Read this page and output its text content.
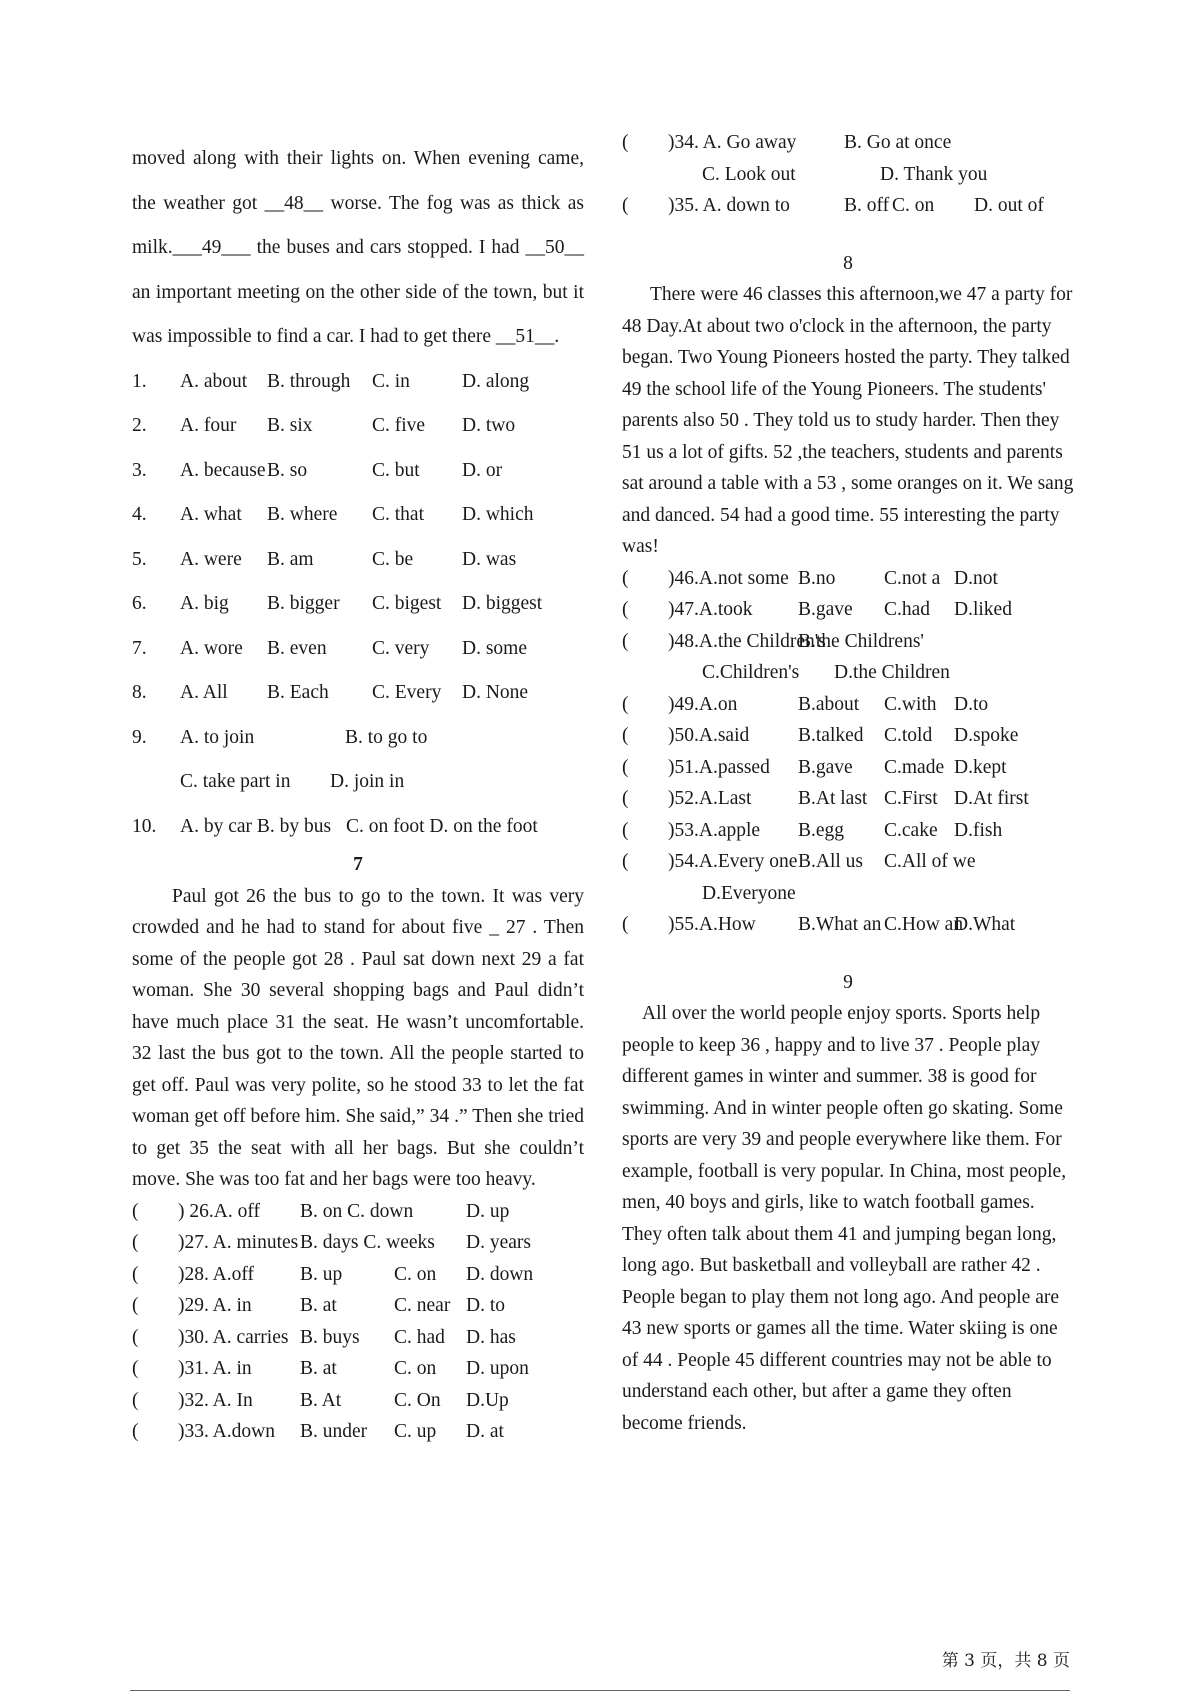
moved along with their lights on. When evening came, the weather got __48__ worse. The fog was as thick as milk.___49___ the buses and cars stopped. I had __50__ an important meeting on the other side of the town, but it was impossible to find a car. I had to get there __51__.

1. A. about B. through C. in	D. along
2. A. four B. six	C. five D. two
3. A. because B. so	C. but D. or
4. A. what B. where C. that D. which
5. A. were B. am	C. be	D. was
6. A. big B. bigger C. bigest D. biggest
7. A. wore B. even C. very D. some
8. A. All B. Each C. Every D. None
9. A. to join	B. to go to
C. take part in D. join in
10. A. by car B. by bus C. on foot D. on the foot
7
Paul got 26 the bus to go to the town. It was very crowded and he had to stand for about five _ 27 . Then some of the people got 28 . Paul sat down next 29 a fat woman. She 30 several shopping bags and Paul didn’t have much place 31 the seat. He wasn’t uncomfortable. 32 last the bus got to the town. All the people started to get off. Paul was very polite, so he stood 33 to let the fat woman get off before him. She said,” 34 .” Then she tried to get 35 the seat with all her bags. But she couldn’t move. She was too fat and her bags were too heavy.
( ) 26.A. off B. on C. down	D. up
( )27. A. minutes B. days C. weeks D. years
( )28. A.off B. up	C. on D. down
( )29. A. in B. at	C. near D. to
( )30. A. carries B. buys C. had D. has
( )31. A. in B. at	C. on D. upon
( )32. A. In B. At	C. On D.Up
( )33. A.down B. under C. up D. at
( )34. A. Go away B. Go at once
C. Look out	D. Thank you
( )35. A. down to	B. off C. on D. out of
8
There were 46 classes this afternoon,we 47 a party for 48 Day.At about two o'clock in the afternoon, the party began. Two Young Pioneers hosted the party. They talked 49 the school life of the Young Pioneers. The students' parents also 50 . They told us to study harder. Then they 51 us a lot of gifts. 52 ,the teachers, students and parents sat around a table with a 53 , some oranges on it. We sang and danced. 54 had a good time. 55 interesting the party was!
( )46.A.not some B.no C.not a D.not
( )47.A.took B.gave C.had D.liked
( )48.A.the Children's
B.the Childrens'
C.Children's D.the Children
( )49.A.on	B.about C.with D.to
( )50.A.said	B.talked C.told D.spoke
( )51.A.passed B.gave C.made D.kept
( )52.A.Last B.At last C.First D.At first
( )53.A.apple B.egg C.cake D.fish
( )54.A.Every one B.All us C.All of we
D.Everyone
( )55.A.How B.What an C.How an
D.What
9
All over the world people enjoy sports. Sports help people to keep 36 , happy and to live 37 . People play different games in winter and summer. 38 is good for swimming. And in winter people often go skating. Some sports are very 39 and people everywhere like them. For example, football is very popular. In China, most people, men, 40 boys and girls, like to watch football games. They often talk about them 41 and jumping began long, long ago. But basketball and volleyball are rather 42 . People began to play them not long ago. And people are 43 new sports or games all the time. Water skiing is one of 44 . People 45 different countries may not be able to understand each other, but after a game they often become friends.
第 3 页，共 8 页
